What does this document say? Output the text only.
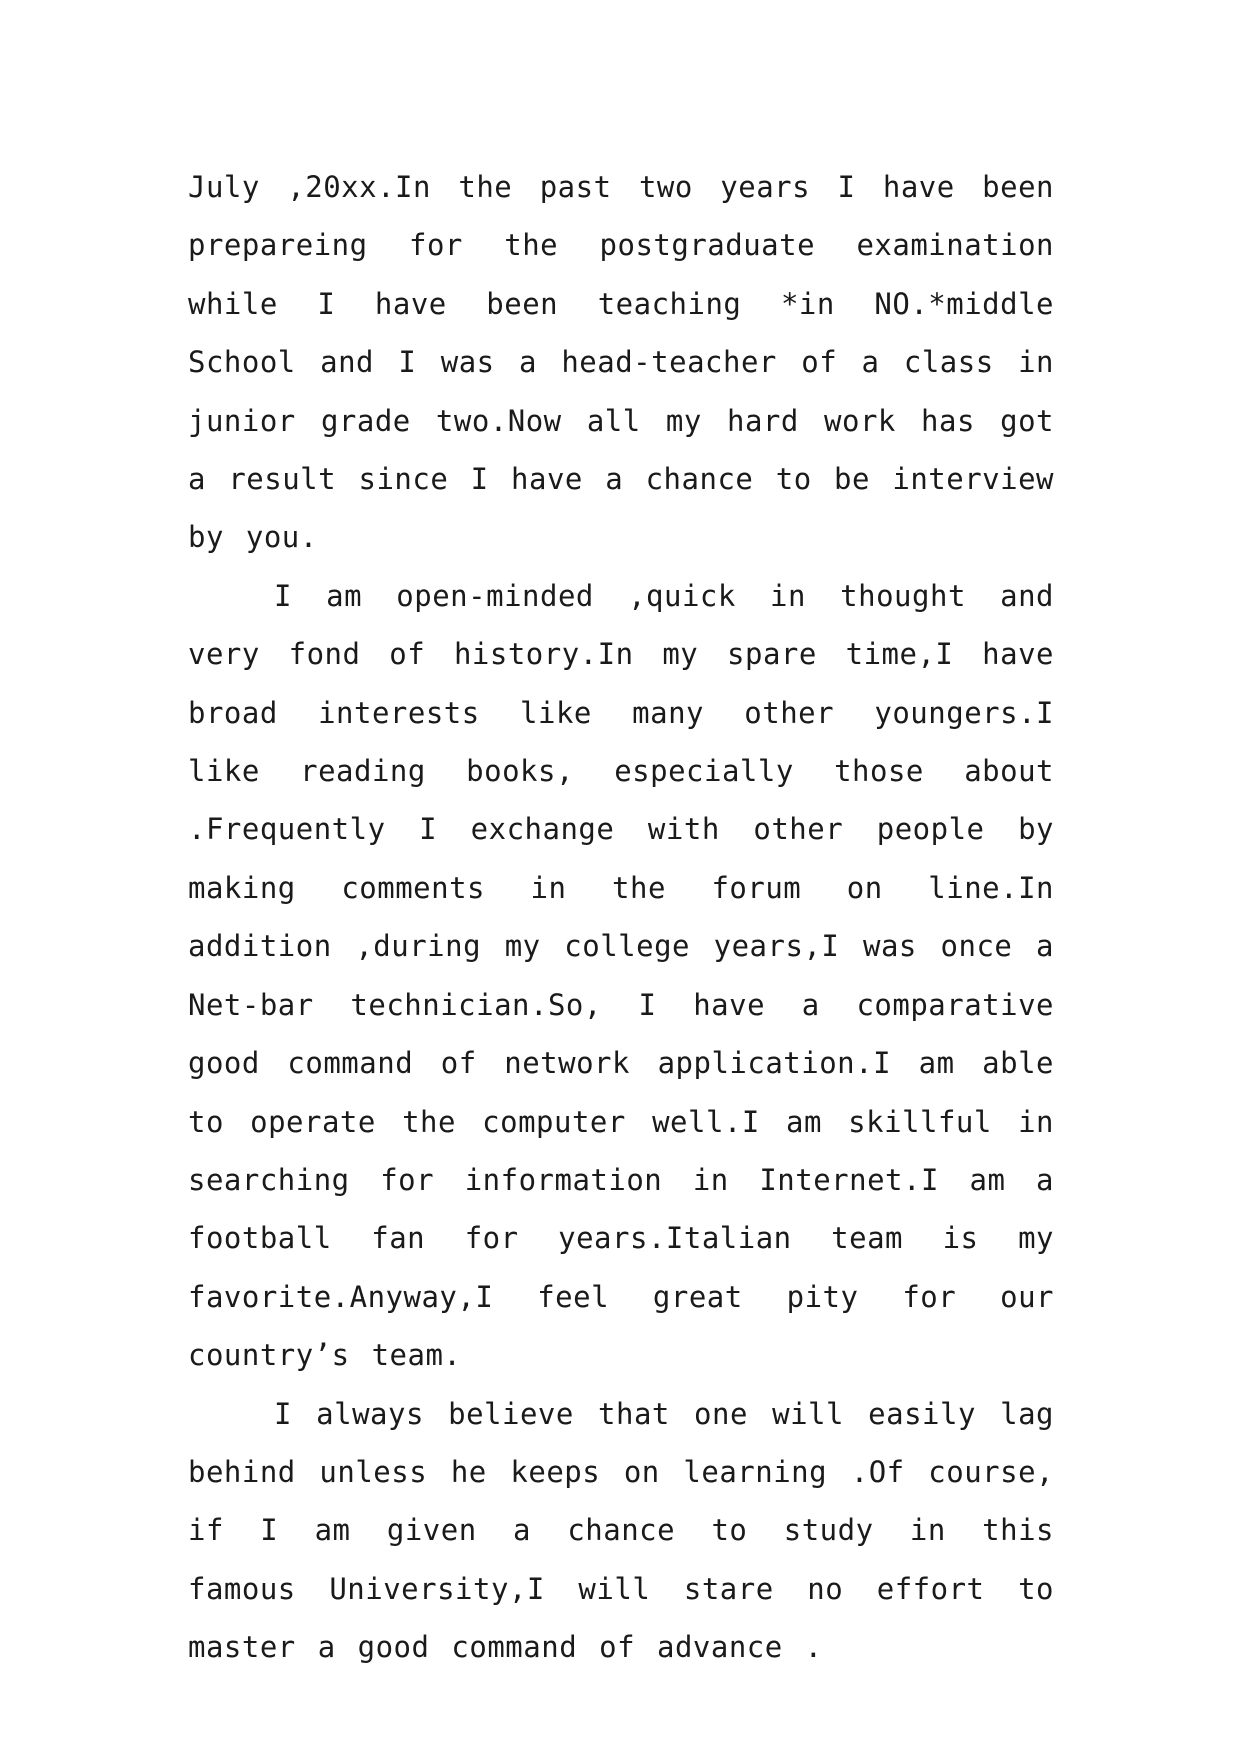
July ,20xx.In the past two years I have been prepareing for the postgraduate examination while I have been teaching *in NO.*middle School and I was a head-teacher of a class in junior grade two.Now all my hard work has got a result since I have a chance to be interview by you.

I am open-minded ,quick in thought and very fond of history.In my spare time,I have broad interests like many other youngers.I like reading books, especially those about .Frequently I exchange with other people by making comments in the forum on line.In addition ,during my college years,I was once a Net-bar technician.So, I have a comparative good command of network application.I am able to operate the computer well.I am skillful in searching for information in Internet.I am a football fan for years.Italian team is my favorite.Anyway,I feel great pity for our country’s team.

I always believe that one will easily lag behind unless he keeps on learning .Of course, if I am given a chance to study in this famous University,I will stare no effort to master a good command of advance .
